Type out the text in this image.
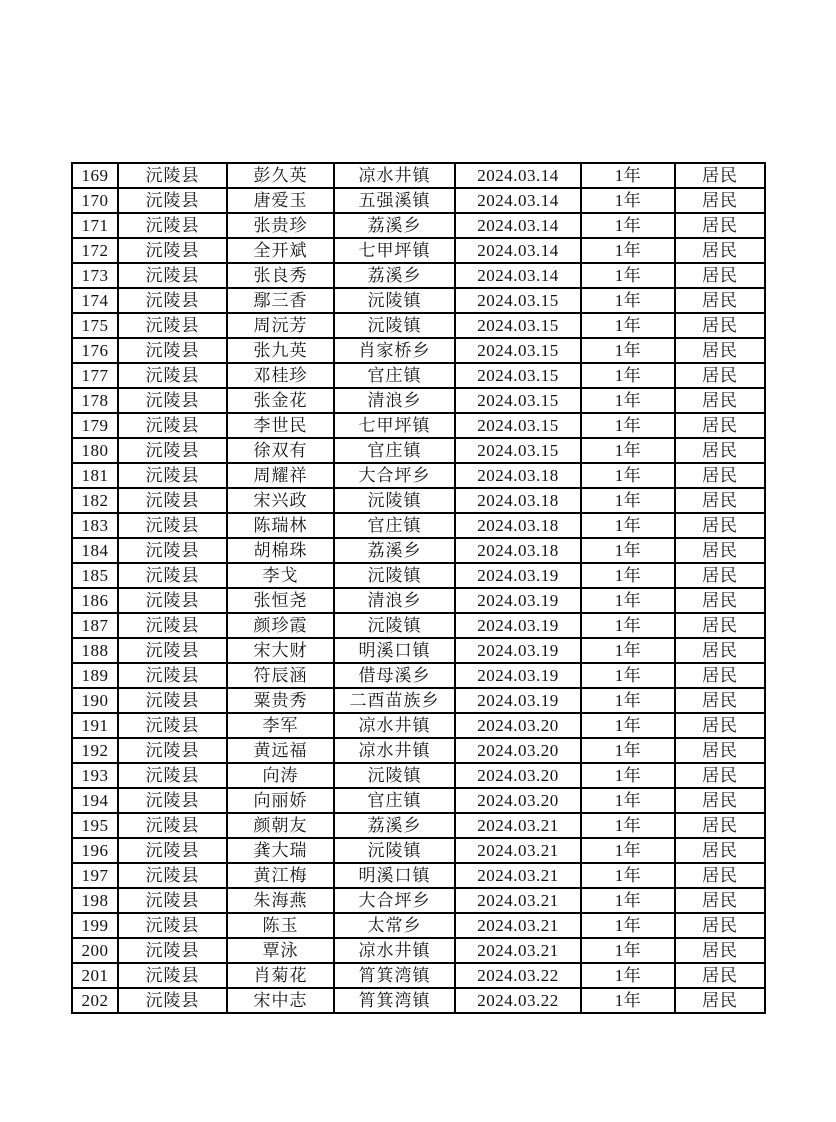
169	沅陵县	彭久英	凉水井镇	2024.03.14	1年	居民
170	沅陵县	唐爱玉	五强溪镇	2024.03.14	1年	居民
171	沅陵县	张贵珍	荔溪乡	2024.03.14	1年	居民
172	沅陵县	全开斌	七甲坪镇	2024.03.14	1年	居民
173	沅陵县	张良秀	荔溪乡	2024.03.14	1年	居民
174	沅陵县	鄢三香	沅陵镇	2024.03.15	1年	居民
175	沅陵县	周沅芳	沅陵镇	2024.03.15	1年	居民
176	沅陵县	张九英	肖家桥乡	2024.03.15	1年	居民
177	沅陵县	邓桂珍	官庄镇	2024.03.15	1年	居民
178	沅陵县	张金花	清浪乡	2024.03.15	1年	居民
179	沅陵县	李世民	七甲坪镇	2024.03.15	1年	居民
180	沅陵县	徐双有	官庄镇	2024.03.15	1年	居民
181	沅陵县	周耀祥	大合坪乡	2024.03.18	1年	居民
182	沅陵县	宋兴政	沅陵镇	2024.03.18	1年	居民
183	沅陵县	陈瑞林	官庄镇	2024.03.18	1年	居民
184	沅陵县	胡棉珠	荔溪乡	2024.03.18	1年	居民
185	沅陵县	李戈	沅陵镇	2024.03.19	1年	居民
186	沅陵县	张恒尧	清浪乡	2024.03.19	1年	居民
187	沅陵县	颜珍霞	沅陵镇	2024.03.19	1年	居民
188	沅陵县	宋大财	明溪口镇	2024.03.19	1年	居民
189	沅陵县	符辰涵	借母溪乡	2024.03.19	1年	居民
190	沅陵县	粟贵秀	二酉苗族乡	2024.03.19	1年	居民
191	沅陵县	李军	凉水井镇	2024.03.20	1年	居民
192	沅陵县	黄远福	凉水井镇	2024.03.20	1年	居民
193	沅陵县	向涛	沅陵镇	2024.03.20	1年	居民
194	沅陵县	向丽娇	官庄镇	2024.03.20	1年	居民
195	沅陵县	颜朝友	荔溪乡	2024.03.21	1年	居民
196	沅陵县	龚大瑞	沅陵镇	2024.03.21	1年	居民
197	沅陵县	黄江梅	明溪口镇	2024.03.21	1年	居民
198	沅陵县	朱海燕	大合坪乡	2024.03.21	1年	居民
199	沅陵县	陈玉	太常乡	2024.03.21	1年	居民
200	沅陵县	覃泳	凉水井镇	2024.03.21	1年	居民
201	沅陵县	肖菊花	筲箕湾镇	2024.03.22	1年	居民
202	沅陵县	宋中志	筲箕湾镇	2024.03.22	1年	居民
